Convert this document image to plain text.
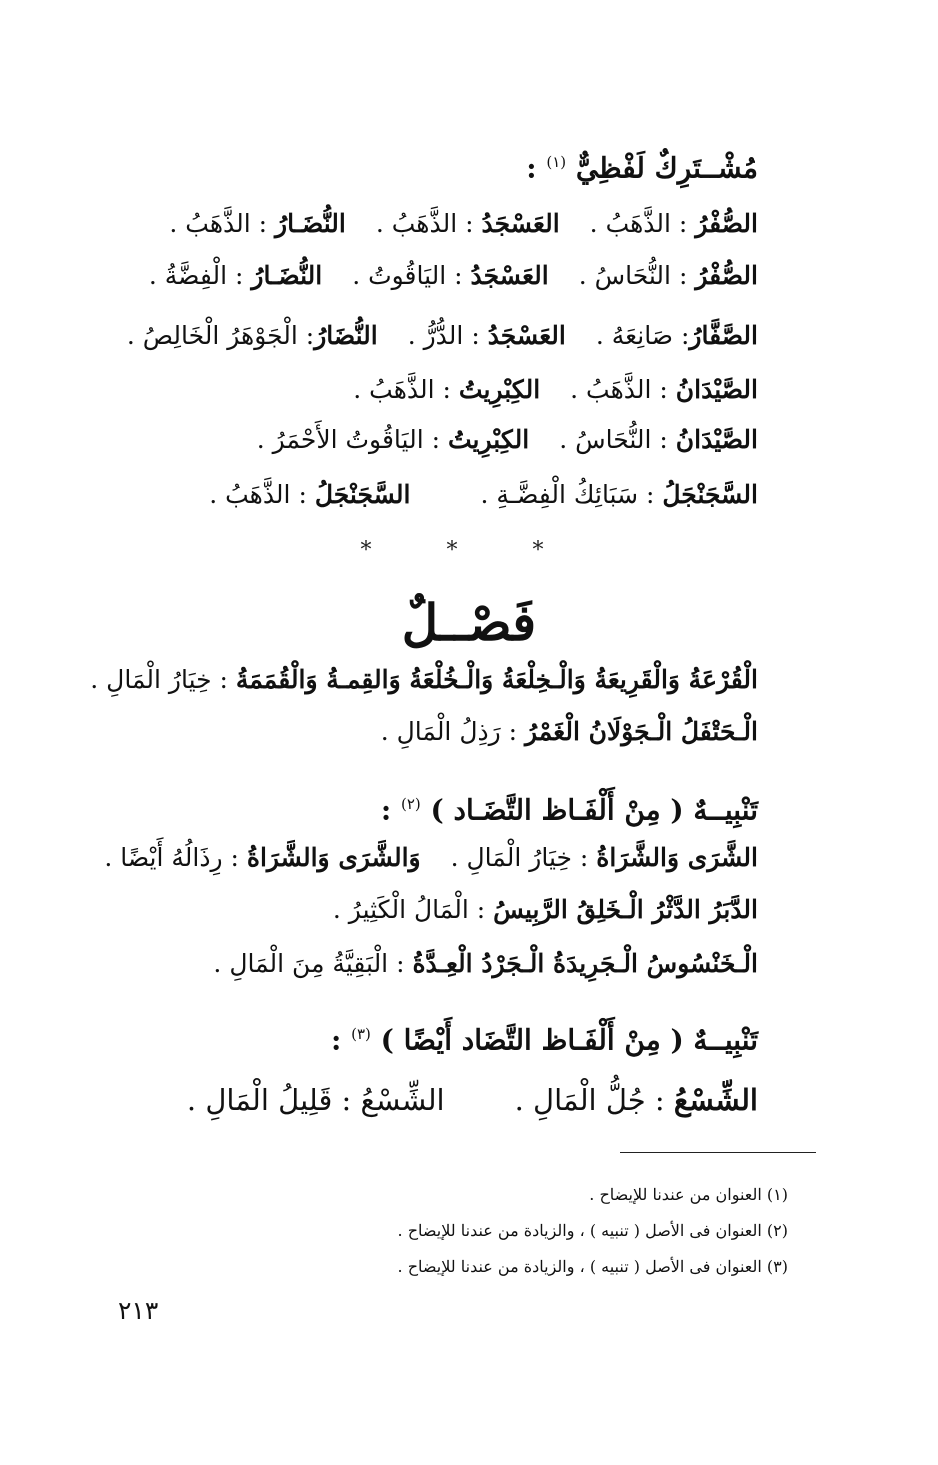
مُشْــتَرِكٌ لَفْظِيٌّ $^{(١)}$ :
الصُّفْرُ : الذَّهَبُ .العَسْجَدُ : الذَّهَبُ .النُّضَـارُ : الذَّهَبُ .
الصُّفْرُ : النُّحَاسُ .العَسْجَدُ : اليَاقُوتُ .النُّضَـارُ : الْفِضَّةُ .
الصَّفَّارُ: صَانِعَهُ .العَسْجَدُ : الدُّرُّ .النُّضَارُ: الْجَوْهَرُ الْخَالِصُ .
الصَّيْدَانُ : الذَّهَبُ .الكِبْرِيتُ : الذَّهَبُ .
الصَّيْدَانُ : النُّحَاسُ .الكِبْرِيتُ : اليَاقُوتُ الأَحْمَرُ .
السَّجَنْجَلُ : سَبَائِكُ الْفِضَّـةِ .السَّجَنْجَلُ : الذَّهَبُ .
* * *
فَصْــلٌ
الْقُرْعَةُ وَالْقَرِيعَةُ وَالْـخِلْعَةُ وَالْـخُلْعَةُ وَالقِمـةُ وَالْقُمَمَةُ : خِيَارُ الْمَالِ .
الْـحَتْفَلُ الْـجَوْلَانُ الْغَمْرُ : رَذِلُ الْمَالِ .
تَنْبِيــهٌ ( مِنْ أَلْفَـاظ التَّضَـاد ) $^{(٢)}$ :
الشَّرَى وَالشَّرَاةُ : خِيَارُ الْمَالِ .وَالشَّرَى وَالشَّرَاةُ : رِذَالُهُ أَيْضًا .
الدَّبَرُ الدَّثْرُ الْـخَلِقُ الرَّبِيسُ : الْمَالُ الْكَثِيرُ .
الْـخَنْسُوسُ الْـجَرِيدَةُ الْـجَرْدُ الْعِـدَّةُ : الْبَقِيَّةُ مِنَ الْمَالِ .
تَنْبِيــهٌ ( مِنْ أَلْفَـاظ التَّضَاد أَيْضًا ) $^{(٣)}$ :
الشِّسْعُ : جُلُّ الْمَالِ .الشِّسْعُ : قَلِيلُ الْمَالِ .
(١) العنوان من عندنا للإيضاح .
(٢) العنوان فى الأصل ( تنبيه ) ، والزيادة من عندنا للإيضاح .
(٣) العنوان فى الأصل ( تنبيه ) ، والزيادة من عندنا للإيضاح .
٢١٣
